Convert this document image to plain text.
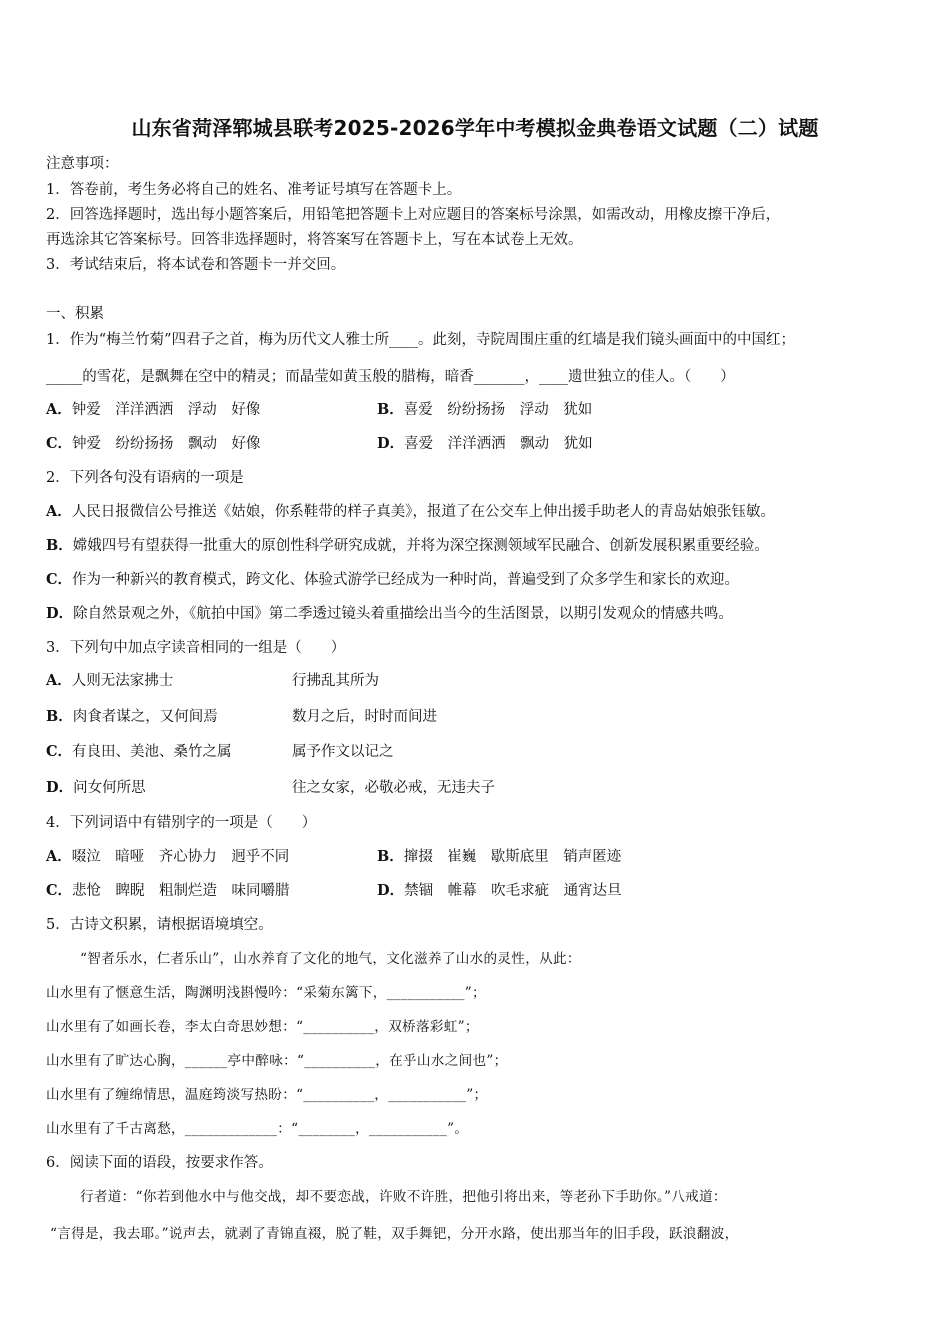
山东省菏泽郓城县联考2025-2026学年中考模拟金典卷语文试题（二）试题
注意事项：
1．答卷前，考生务必将自己的姓名、准考证号填写在答题卡上。
2．回答选择题时，选出每小题答案后，用铅笔把答题卡上对应题目的答案标号涂黑，如需改动，用橡皮擦干净后，
再选涂其它答案标号。回答非选择题时，将答案写在答题卡上，写在本试卷上无效。
3．考试结束后，将本试卷和答题卡一并交回。
一、积累
1．作为“梅兰竹菊”四君子之首，梅为历代文人雅士所____。此刻，寺院周围庄重的红墙是我们镜头画面中的中国红；
_____的雪花，是飘舞在空中的精灵；而晶莹如黄玉般的腊梅，暗香_______，____遗世独立的佳人。（　　）
A．钟爱　洋洋洒洒　浮动　好像	B．喜爱　纷纷扬扬　浮动　犹如
C．钟爱　纷纷扬扬　飘动　好像	D．喜爱　洋洋洒洒　飘动　犹如
2．下列各句没有语病的一项是
A．人民日报微信公号推送《姑娘，你系鞋带的样子真美》，报道了在公交车上伸出援手助老人的青岛姑娘张钰敏。
B．嫦娥四号有望获得一批重大的原创性科学研究成就，并将为深空探测领域军民融合、创新发展积累重要经验。
C．作为一种新兴的教育模式，跨文化、体验式游学已经成为一种时尚，普遍受到了众多学生和家长的欢迎。
D．除自然景观之外，《航拍中国》第二季透过镜头着重描绘出当今的生活图景，以期引发观众的情感共鸣。
3．下列句中加点字读音相同的一组是（　　）
A．人则无法家拂士	行拂乱其所为
B．肉食者谋之，又何间焉	数月之后，时时而间进
C．有良田、美池、桑竹之属	属予作文以记之
D．问女何所思	往之女家，必敬必戒，无违夫子
4．下列词语中有错别字的一项是（　　）
A．啜泣　暗哑　齐心协力　迥乎不同	B．撺掇　崔巍　歇斯底里　销声匿迹
C．悲怆　睥睨　粗制烂造　味同嚼腊	D．禁锢　帷幕　吹毛求疵　通宵达旦
5．古诗文积累，请根据语境填空。
“智者乐水，仁者乐山”，山水养育了文化的地气，文化滋养了山水的灵性，从此：
山水里有了惬意生活，陶渊明浅斟慢吟：“采菊东篱下，___________”；
山水里有了如画长卷，李太白奇思妙想：“__________，双桥落彩虹”；
山水里有了旷达心胸，______亭中醉咏：“__________，在乎山水之间也”；
山水里有了缠绵情思，温庭筠淡写热盼：“__________，___________”；
山水里有了千古离愁，_____________：“________，___________”。
6．阅读下面的语段，按要求作答。
行者道：“你若到他水中与他交战，却不要恋战，许败不许胜，把他引将出来，等老孙下手助你。”八戒道：
“言得是，我去耶。”说声去，就剥了青锦直裰，脱了鞋，双手舞钯，分开水路，使出那当年的旧手段，跃浪翻波，
